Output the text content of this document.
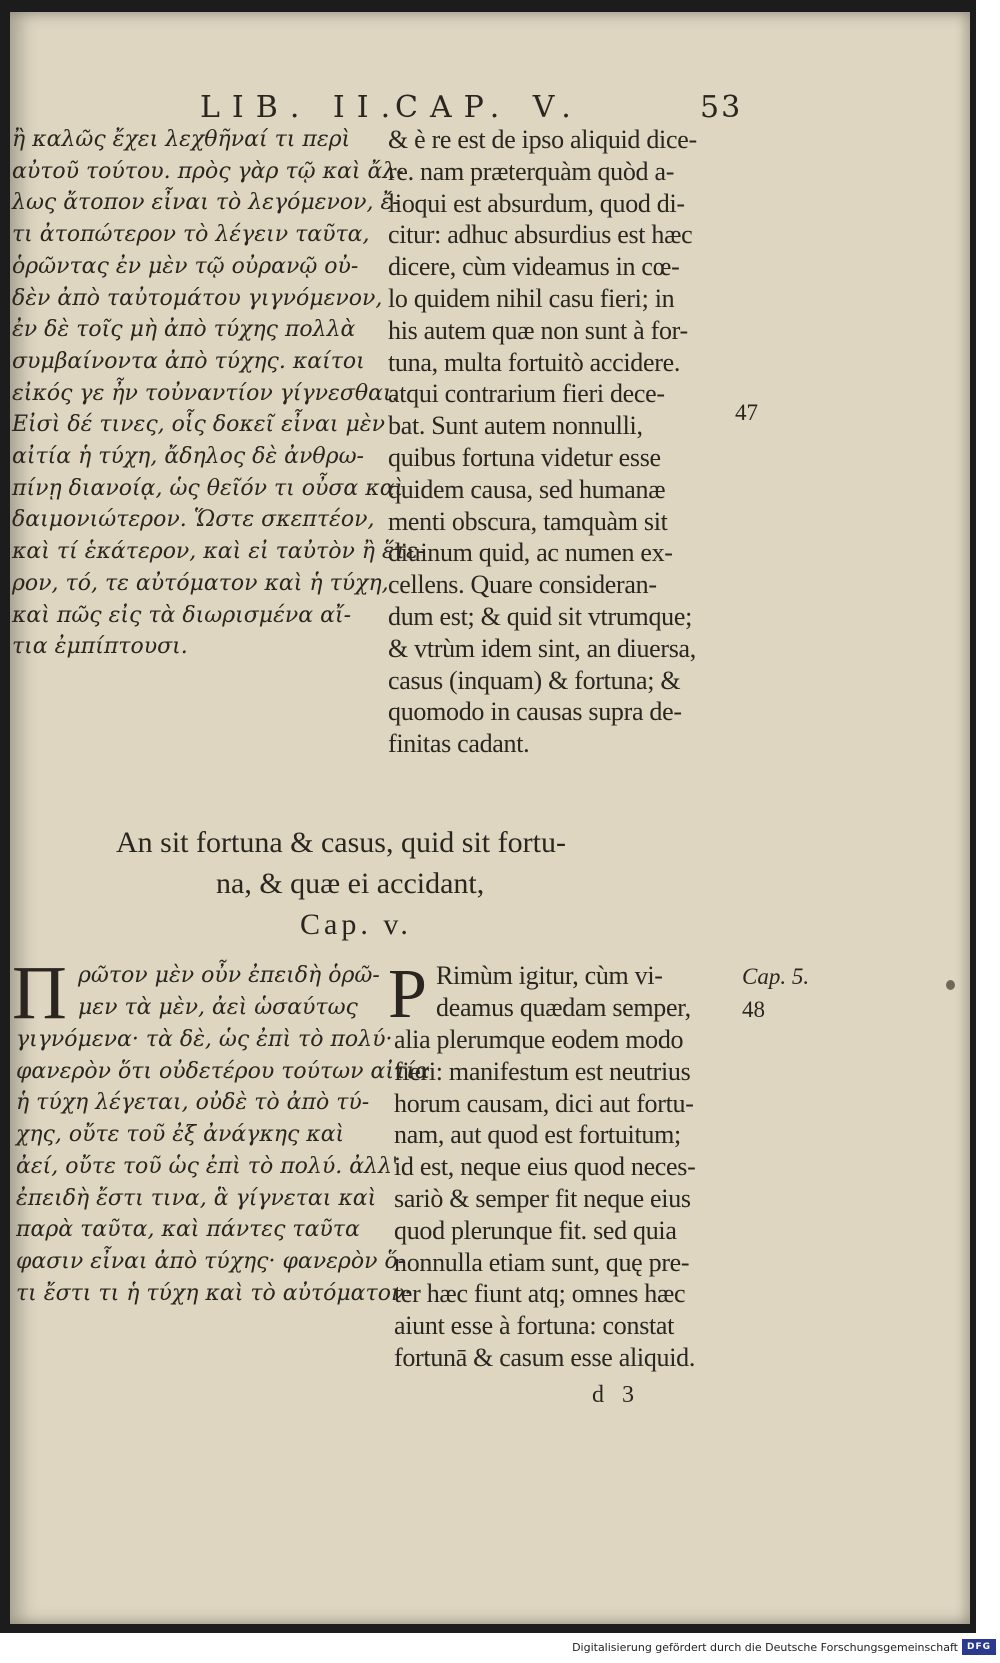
LIB. II.
CAP. V.	53
ἢ καλῶς ἔχει λεχθῆναί τι περὶ
αὐτοῦ τούτου. πρὸς γὰρ τῷ καὶ ἄλ-
λως ἄτοπον εἶναι τὸ λεγόμενον, ἔ-
τι ἀτοπώτερον τὸ λέγειν ταῦτα,
ὁρῶντας ἐν μὲν τῷ οὐρανῷ οὐ-
δὲν ἀπὸ ταὐτομάτου γιγνόμενον,
ἐν δὲ τοῖς μὴ ἀπὸ τύχης πολλὰ
συμβαίνοντα ἀπὸ τύχης. καίτοι
εἰκός γε ἦν τοὐναντίον γίγνεσθαι.
Εἰσὶ δέ τινες, οἷς δοκεῖ εἶναι μὲν
αἰτία ἡ τύχη, ἄδηλος δὲ ἀνθρω-
πίνῃ διανοίᾳ, ὡς θεῖόν τι οὖσα καὶ
δαιμονιώτερον. Ὥστε σκεπτέον,
καὶ τί ἑκάτερον, καὶ εἰ ταὐτὸν ἢ ἕτε-
ρον, τό, τε αὐτόματον καὶ ἡ τύχη,
καὶ πῶς εἰς τὰ διωρισμένα αἴ-
τια ἐμπίπτουσι.
& è re est de ipso aliquid dice-
re. nam præterquàm quòd a-
lioqui est absurdum, quod di-
citur: adhuc absurdius est hæc
dicere, cùm videamus in cœ-
lo quidem nihil casu fieri; in
his autem quæ non sunt à for-
tuna, multa fortuitò accidere.
atqui contrarium fieri dece-
bat. Sunt autem nonnulli,
quibus fortuna videtur esse
quidem causa, sed humanæ
menti obscura, tamquàm sit
diuinum quid, ac numen ex-
cellens. Quare consideran-
dum est; & quid sit vtrumque;
& vtrùm idem sint, an diuersa,
casus (inquam) & fortuna; &
quomodo in causas supra de-
finitas cadant.
47
An sit fortuna & casus, quid sit fortu-
na, & quæ ei accidant,
Cap. v.
Π ρῶτον μὲν οὖν ἐπειδὴ ὁρῶ-
μεν τὰ μὲν, ἀεὶ ὡσαύτως
γιγνόμενα· τὰ δὲ, ὡς ἐπὶ τὸ πολύ·
φανερὸν ὅτι οὐδετέρου τούτων αἰτία
ἡ τύχη λέγεται, οὐδὲ τὸ ἀπὸ τύ-
χης, οὔτε τοῦ ἐξ ἀνάγκης καὶ
ἀεί, οὔτε τοῦ ὡς ἐπὶ τὸ πολύ. ἀλλ'
ἐπειδὴ ἔστι τινα, ἃ γίγνεται καὶ
παρὰ ταῦτα, καὶ πάντες ταῦτα
φασιν εἶναι ἀπὸ τύχης· φανερὸν ὅ-
τι ἔστι τι ἡ τύχη καὶ τὸ αὐτόματον·
P Rimùm igitur, cùm vi-
deamus quædam semper,
alia plerumque eodem modo
fieri: manifestum est neutrius
horum causam, dici aut fortu-
nam, aut quod est fortuitum;
id est, neque eius quod neces-
sariò & semper fit neque eius
quod plerunque fit. sed quia
nonnulla etiam sunt, quę pre-
ter hæc fiunt atq; omnes hæc
aiunt esse à fortuna: constat
fortunā & casum esse aliquid.
Cap. 5.
48
d   3
Digitalisierung gefördert durch die Deutsche Forschungsgemeinschaft DFG
